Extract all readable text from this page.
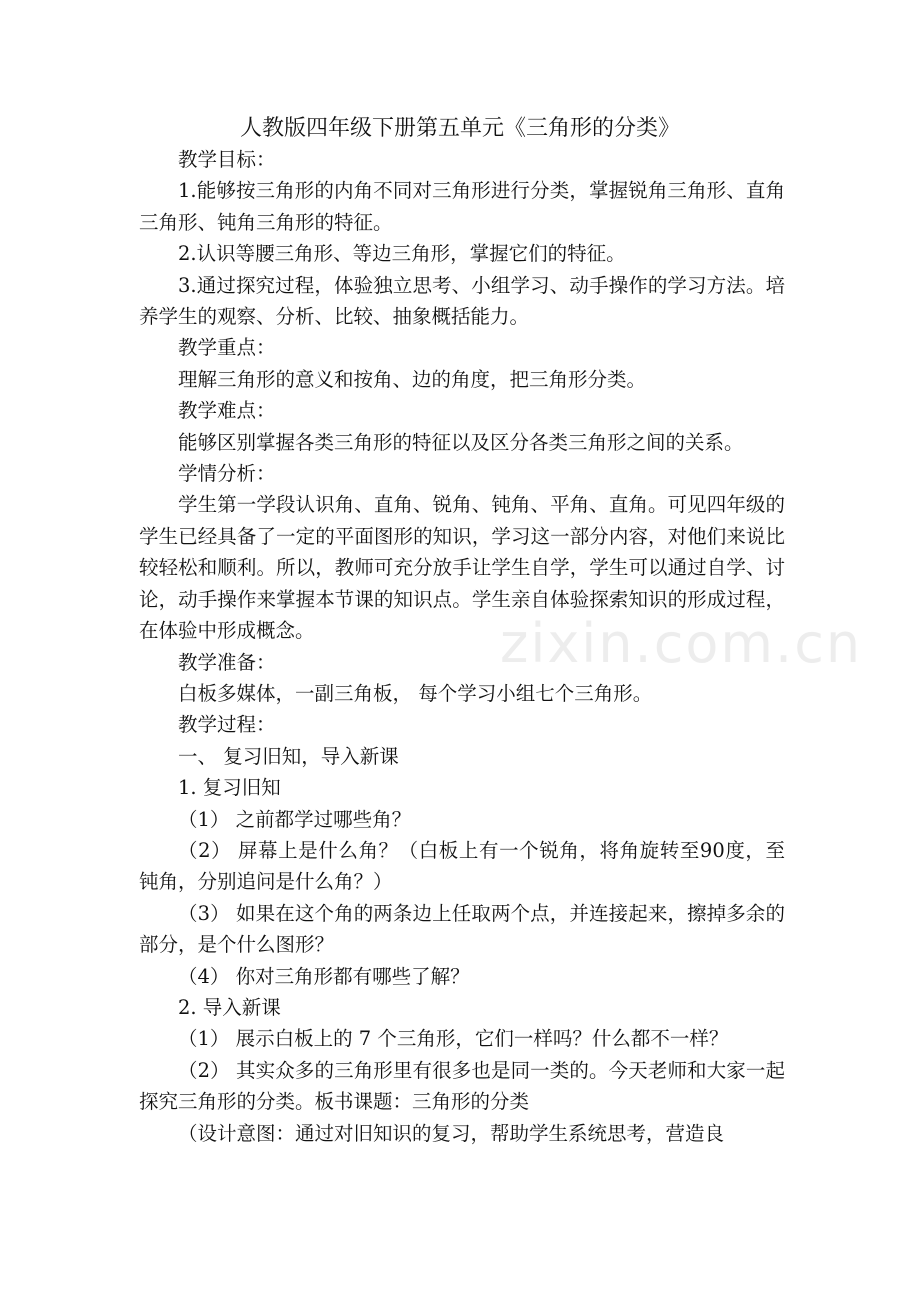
人教版四年级下册第五单元《三角形的分类》

教学目标：

1.能够按三角形的内角不同对三角形进行分类，掌握锐角三角形、直角三角形、钝角三角形的特征。

2.认识等腰三角形、等边三角形，掌握它们的特征。

3.通过探究过程，体验独立思考、小组学习、动手操作的学习方法。培养学生的观察、分析、比较、抽象概括能力。

教学重点：

理解三角形的意义和按角、边的角度，把三角形分类。

教学难点：

能够区别掌握各类三角形的特征以及区分各类三角形之间的关系。

学情分析：

学生第一学段认识角、直角、锐角、钝角、平角、直角。可见四年级的学生已经具备了一定的平面图形的知识，学习这一部分内容，对他们来说比较轻松和顺利。所以，教师可充分放手让学生自学，学生可以通过自学、讨论，动手操作来掌握本节课的知识点。学生亲自体验探索知识的形成过程，在体验中形成概念。

教学准备：

白板多媒体，一副三角板， 每个学习小组七个三角形。

教学过程：

一、 复习旧知，导入新课

1. 复习旧知

（1） 之前都学过哪些角？

（2） 屏幕上是什么角？（白板上有一个锐角，将角旋转至90度，至钝角，分别追问是什么角？）

（3） 如果在这个角的两条边上任取两个点，并连接起来，擦掉多余的部分，是个什么图形？

（4） 你对三角形都有哪些了解？

2. 导入新课

（1） 展示白板上的 7 个三角形，它们一样吗？什么都不一样？

（2） 其实众多的三角形里有很多也是同一类的。今天老师和大家一起探究三角形的分类。板书课题：三角形的分类

（设计意图：通过对旧知识的复习，帮助学生系统思考，营造良

zixin.com.cn
